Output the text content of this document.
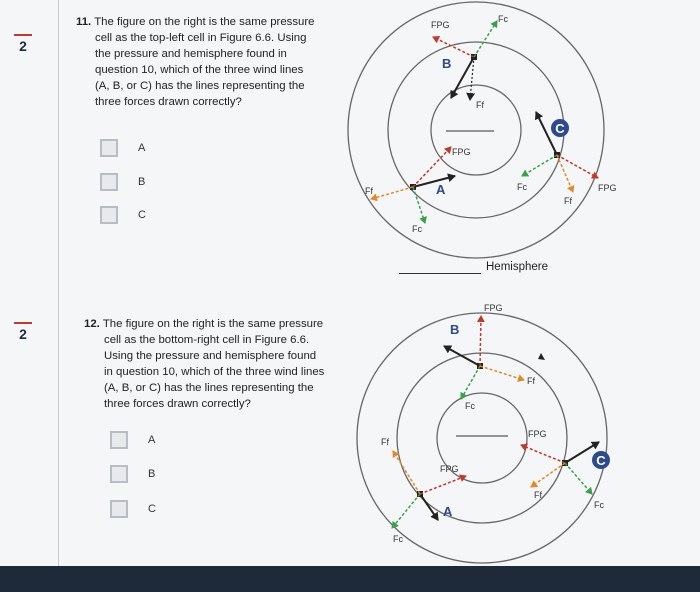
2
11. The figure on the right is the same pressure
cell as the top-left cell in Figure 6.6. Using
the pressure and hemisphere found in
question 10, which of the three wind lines
(A, B, or C) has the lines representing the
three forces drawn correctly?
A
B
C
2
12. The figure on the right is the same pressure
cell as the bottom-right cell in Figure 6.6.
Using the pressure and hemisphere found
in question 10, which of the three wind lines
(A, B, or C) has the lines representing the
three forces drawn correctly?
A
B
C
Hemisphere
B
FPG
Fc
Ff
A
FPG
Ff
Fc
C
Fc	FPG
Ff
B
FPG
Fc
Ff
A
FPG
Ff
Fc
C
FPG
Ff
Fc
